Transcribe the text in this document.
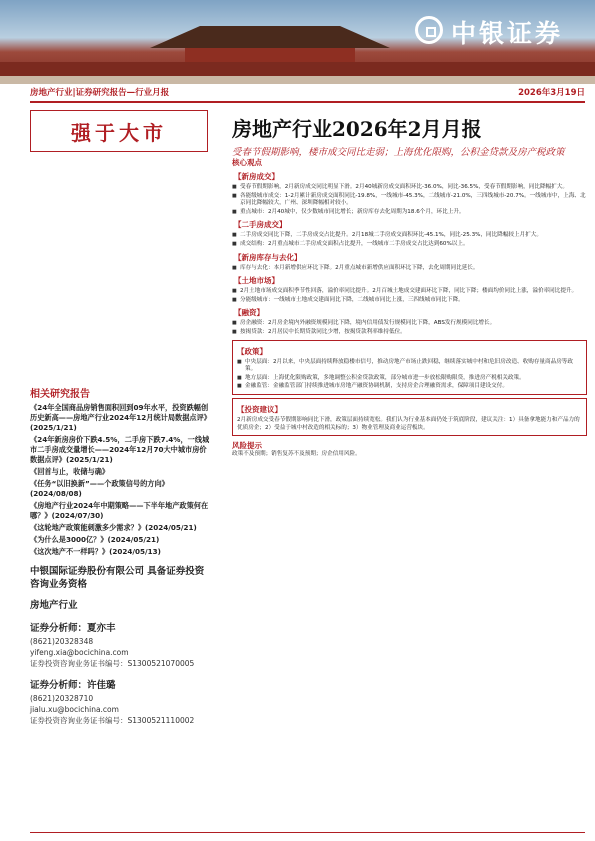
中银证券
房地产行业|证券研究报告—行业月报	2026年3月19日
强于大市	房地产行业2026年2月月报
受春节假期影响，楼市成交同比走弱；上海优化限购，公积金贷款及房产税政策
相关研究报告
《24年全国商品房销售面积回到09年水平，投资跌幅创历史新高——房地产行业2024年12月统计局数据点评》(2025/1/21)
《24年新房房价下跌4.5%，二手房下跌7.4%，一线城市二手房成交量增长——2024年12月70大中城市房价数据点评》(2025/1/21)
《回首与止，收储与确》
《任务“以旧换新”——个政策信号的方向》(2024/08/08)
《房地产行业2024年中期策略——下半年地产政策何在哪？》(2024/07/30)
《这轮地产政策能刺激多少需求？》(2024/05/21)
《为什么是3000亿？》(2024/05/21)
《这次地产不一样吗？》(2024/05/13)
中银国际证券股份有限公司 具备证券投资咨询业务资格
房地产行业
证券分析师：夏亦丰
(8621)20328348
yifeng.xia@bocichina.com
证券投资咨询业务证书编号：S1300521070005
证券分析师：许佳璐
(8621)20328710
jialu.xu@bocichina.com
证券投资咨询业务证书编号：S1300521110002
核心观点
【新房成交】
■ 受春节假期影响，2月新房成交同比明显下滑。2月40城新房成交面积环比-36.0%，同比-36.5%，受春节假期影响，同比降幅扩大。
■ 各能级城市成交：1-2月累计新房成交面积同比-19.8%，一线城市-45.3%，二线城市-21.0%，三四线城市-20.7%。一线城市中，上海、北京同比降幅较大，广州、深圳降幅相对较小。
■ 重点城市：2月40城中，仅少数城市同比增长；新房库存去化周期为18.6个月，环比上升。
【二手房成交】
■ 二手房成交同比下降，二手房成交占比提升。2月18城二手房成交面积环比-45.1%，同比-25.3%，同比降幅较上月扩大。
■ 成交结构：2月重点城市二手房成交面积占比提升，一线城市二手房成交占比达到60%以上。
【新房库存与去化】
■ 库存与去化：本月新增供应环比下降。2月重点城市新增供应面积环比下降，去化周期同比延长。
【土地市场】
■ 2月土地市场成交面积季节性回落，溢价率同比提升。2月百城土地成交建面环比下降，同比下降；楼面均价同比上涨，溢价率同比提升。
■ 分能级城市：一线城市土地成交建面同比下降，二线城市同比上涨，三四线城市同比下降。
【融资】
■ 房企融资：2月房企境内外融资规模同比下降，境内信用债发行规模同比下降，ABS发行规模同比增长。
■ 按揭贷款：2月居民中长期贷款同比少增，按揭贷款利率维持低位。
【政策】
■ 中央层面：2月以来，中央层面持续释放稳楼市信号，推动房地产市场止跌回稳，继续落实城中村和危旧房改造、收购存量商品房等政策。
■ 地方层面：上海优化限购政策，多地调整公积金贷款政策，部分城市进一步放松限购限贷，推进房产税相关政策。
■ 金融监管：金融监管部门持续推进城市房地产融资协调机制，支持房企合理融资需求，保障项目建设交付。
【投资建议】
2月新房成交受春节假期影响同比下滑，政策层面持续宽松。我们认为行业基本面仍处于筑底阶段，建议关注：1）具备拿地能力和产品力的优质房企；2）受益于城中村改造的相关标的；3）物业管理及商业运营板块。
风险提示
政策不及预期；销售复苏不及预期；房企信用风险。
